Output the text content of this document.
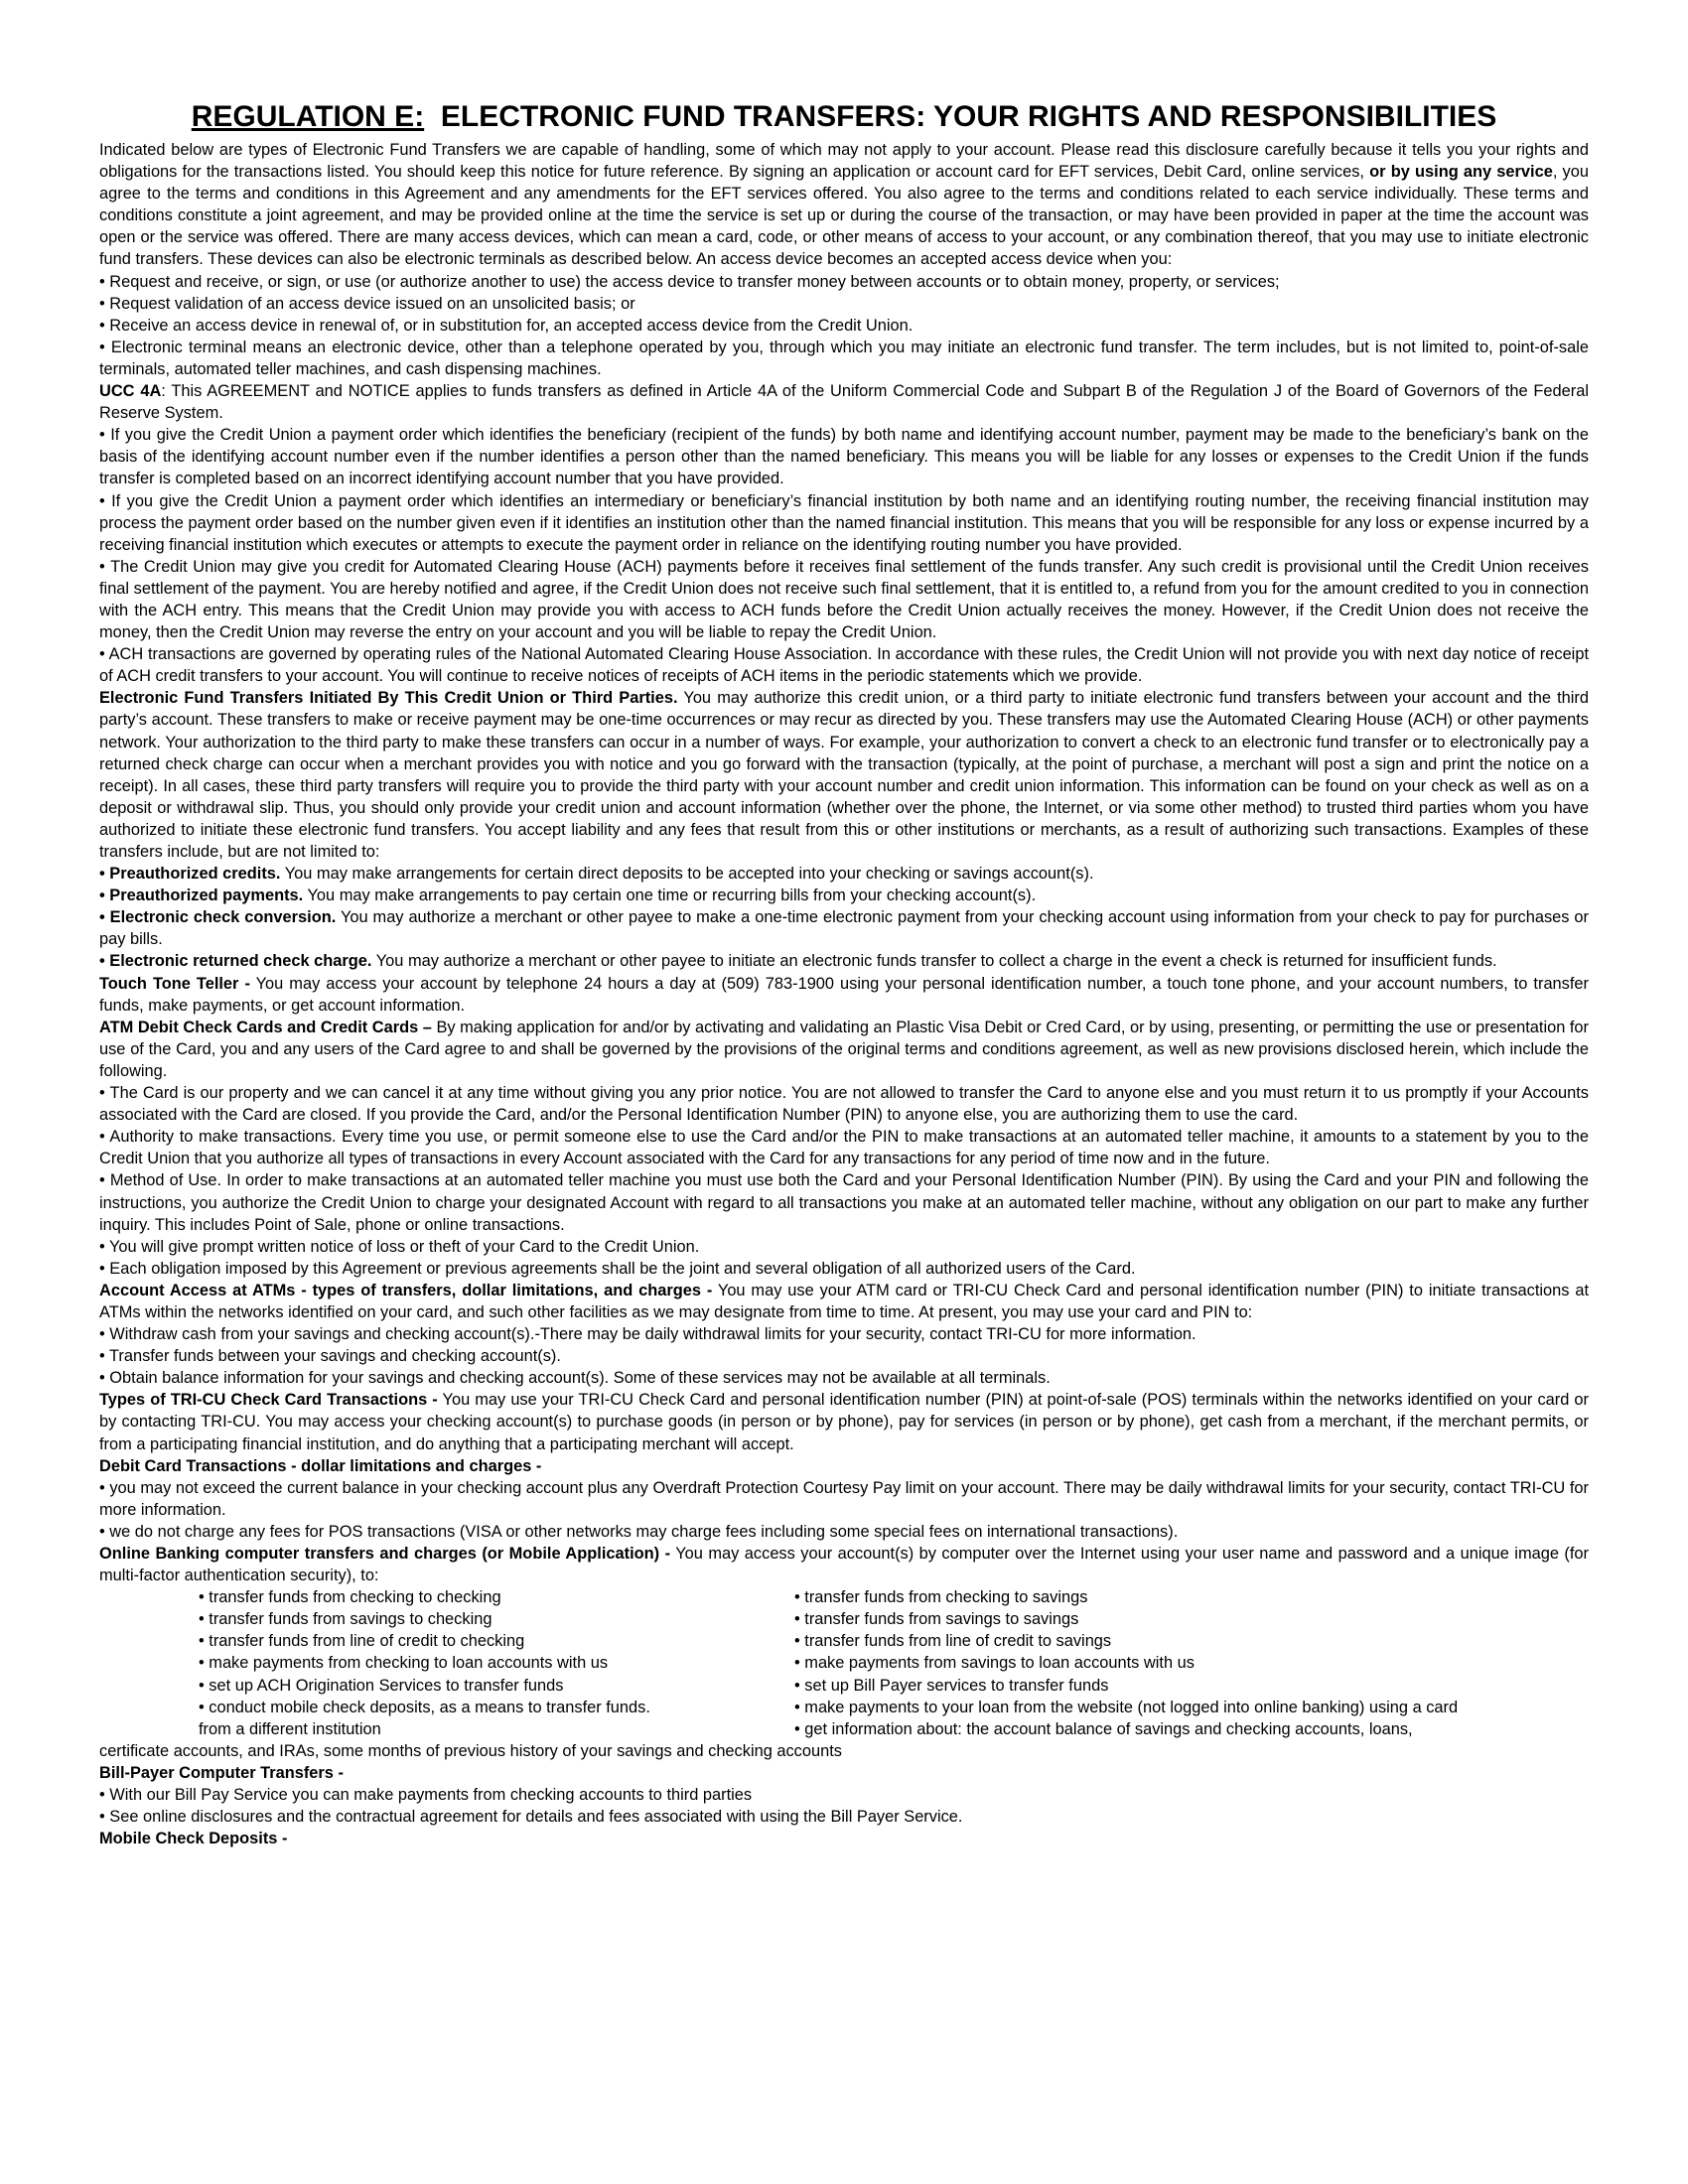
REGULATION E: ELECTRONIC FUND TRANSFERS: YOUR RIGHTS AND RESPONSIBILITIES

Indicated below are types of Electronic Fund Transfers we are capable of handling, some of which may not apply to your account. Please read this disclosure carefully because it tells you your rights and obligations for the transactions listed. You should keep this notice for future reference. By signing an application or account card for EFT services, Debit Card, online services, or by using any service, you agree to the terms and conditions in this Agreement and any amendments for the EFT services offered. You also agree to the terms and conditions related to each service individually. These terms and conditions constitute a joint agreement, and may be provided online at the time the service is set up or during the course of the transaction, or may have been provided in paper at the time the account was open or the service was offered. There are many access devices, which can mean a card, code, or other means of access to your account, or any combination thereof, that you may use to initiate electronic fund transfers. These devices can also be electronic terminals as described below. An access device becomes an accepted access device when you:

• Request and receive, or sign, or use (or authorize another to use) the access device to transfer money between accounts or to obtain money, property, or services;

• Request validation of an access device issued on an unsolicited basis; or

• Receive an access device in renewal of, or in substitution for, an accepted access device from the Credit Union.

• Electronic terminal means an electronic device, other than a telephone operated by you, through which you may initiate an electronic fund transfer. The term includes, but is not limited to, point-of-sale terminals, automated teller machines, and cash dispensing machines.

UCC 4A: This AGREEMENT and NOTICE applies to funds transfers as defined in Article 4A of the Uniform Commercial Code and Subpart B of the Regulation J of the Board of Governors of the Federal Reserve System.

• If you give the Credit Union a payment order which identifies the beneficiary (recipient of the funds) by both name and identifying account number, payment may be made to the beneficiary’s bank on the basis of the identifying account number even if the number identifies a person other than the named beneficiary. This means you will be liable for any losses or expenses to the Credit Union if the funds transfer is completed based on an incorrect identifying account number that you have provided.

• If you give the Credit Union a payment order which identifies an intermediary or beneficiary’s financial institution by both name and an identifying routing number, the receiving financial institution may process the payment order based on the number given even if it identifies an institution other than the named financial institution. This means that you will be responsible for any loss or expense incurred by a receiving financial institution which executes or attempts to execute the payment order in reliance on the identifying routing number you have provided.

• The Credit Union may give you credit for Automated Clearing House (ACH) payments before it receives final settlement of the funds transfer. Any such credit is provisional until the Credit Union receives final settlement of the payment. You are hereby notified and agree, if the Credit Union does not receive such final settlement, that it is entitled to, a refund from you for the amount credited to you in connection with the ACH entry. This means that the Credit Union may provide you with access to ACH funds before the Credit Union actually receives the money. However, if the Credit Union does not receive the money, then the Credit Union may reverse the entry on your account and you will be liable to repay the Credit Union.

• ACH transactions are governed by operating rules of the National Automated Clearing House Association. In accordance with these rules, the Credit Union will not provide you with next day notice of receipt of ACH credit transfers to your account. You will continue to receive notices of receipts of ACH items in the periodic statements which we provide.

Electronic Fund Transfers Initiated By This Credit Union or Third Parties. You may authorize this credit union, or a third party to initiate electronic fund transfers between your account and the third party’s account. These transfers to make or receive payment may be one-time occurrences or may recur as directed by you. These transfers may use the Automated Clearing House (ACH) or other payments network. Your authorization to the third party to make these transfers can occur in a number of ways. For example, your authorization to convert a check to an electronic fund transfer or to electronically pay a returned check charge can occur when a merchant provides you with notice and you go forward with the transaction (typically, at the point of purchase, a merchant will post a sign and print the notice on a receipt). In all cases, these third party transfers will require you to provide the third party with your account number and credit union information. This information can be found on your check as well as on a deposit or withdrawal slip. Thus, you should only provide your credit union and account information (whether over the phone, the Internet, or via some other method) to trusted third parties whom you have authorized to initiate these electronic fund transfers. You accept liability and any fees that result from this or other institutions or merchants, as a result of authorizing such transactions. Examples of these transfers include, but are not limited to:

• Preauthorized credits. You may make arrangements for certain direct deposits to be accepted into your checking or savings account(s).

• Preauthorized payments. You may make arrangements to pay certain one time or recurring bills from your checking account(s).

• Electronic check conversion. You may authorize a merchant or other payee to make a one-time electronic payment from your checking account using information from your check to pay for purchases or pay bills.

• Electronic returned check charge. You may authorize a merchant or other payee to initiate an electronic funds transfer to collect a charge in the event a check is returned for insufficient funds.

Touch Tone Teller - You may access your account by telephone 24 hours a day at (509) 783-1900 using your personal identification number, a touch tone phone, and your account numbers, to transfer funds, make payments, or get account information.

ATM Debit Check Cards and Credit Cards – By making application for and/or by activating and validating an Plastic Visa Debit or Cred Card, or by using, presenting, or permitting the use or presentation for use of the Card, you and any users of the Card agree to and shall be governed by the provisions of the original terms and conditions agreement, as well as new provisions disclosed herein, which include the following.

• The Card is our property and we can cancel it at any time without giving you any prior notice. You are not allowed to transfer the Card to anyone else and you must return it to us promptly if your Accounts associated with the Card are closed. If you provide the Card, and/or the Personal Identification Number (PIN) to anyone else, you are authorizing them to use the card.

• Authority to make transactions. Every time you use, or permit someone else to use the Card and/or the PIN to make transactions at an automated teller machine, it amounts to a statement by you to the Credit Union that you authorize all types of transactions in every Account associated with the Card for any transactions for any period of time now and in the future.

• Method of Use. In order to make transactions at an automated teller machine you must use both the Card and your Personal Identification Number (PIN). By using the Card and your PIN and following the instructions, you authorize the Credit Union to charge your designated Account with regard to all transactions you make at an automated teller machine, without any obligation on our part to make any further inquiry. This includes Point of Sale, phone or online transactions.

• You will give prompt written notice of loss or theft of your Card to the Credit Union.

• Each obligation imposed by this Agreement or previous agreements shall be the joint and several obligation of all authorized users of the Card.

Account Access at ATMs - types of transfers, dollar limitations, and charges - You may use your ATM card or TRI-CU Check Card and personal identification number (PIN) to initiate transactions at ATMs within the networks identified on your card, and such other facilities as we may designate from time to time. At present, you may use your card and PIN to:

• Withdraw cash from your savings and checking account(s).-There may be daily withdrawal limits for your security, contact TRI-CU for more information.

• Transfer funds between your savings and checking account(s).

• Obtain balance information for your savings and checking account(s). Some of these services may not be available at all terminals.

Types of TRI-CU Check Card Transactions - You may use your TRI-CU Check Card and personal identification number (PIN) at point-of-sale (POS) terminals within the networks identified on your card or by contacting TRI-CU. You may access your checking account(s) to purchase goods (in person or by phone), pay for services (in person or by phone), get cash from a merchant, if the merchant permits, or from a participating financial institution, and do anything that a participating merchant will accept.

Debit Card Transactions - dollar limitations and charges -

• you may not exceed the current balance in your checking account plus any Overdraft Protection Courtesy Pay limit on your account. There may be daily withdrawal limits for your security, contact TRI-CU for more information.

• we do not charge any fees for POS transactions (VISA or other networks may charge fees including some special fees on international transactions).

Online Banking computer transfers and charges (or Mobile Application) - You may access your account(s) by computer over the Internet using your user name and password and a unique image (for multi-factor authentication security), to:

• transfer funds from checking to checking	• transfer funds from checking to savings
• transfer funds from savings to checking	• transfer funds from savings to savings
• transfer funds from line of credit to checking	• transfer funds from line of credit to savings
• make payments from checking to loan accounts with us	• make payments from savings to loan accounts with us
• set up ACH Origination Services to transfer funds	• set up Bill Payer services to transfer funds
• conduct mobile check deposits, as a means to transfer funds.	• make payments to your loan from the website (not logged into online banking) using a card
from a different institution	• get information about: the account balance of savings and checking accounts, loans,

certificate accounts, and IRAs, some months of previous history of your savings and checking accounts

Bill-Payer Computer Transfers -

• With our Bill Pay Service you can make payments from checking accounts to third parties

• See online disclosures and the contractual agreement for details and fees associated with using the Bill Payer Service.

Mobile Check Deposits -
